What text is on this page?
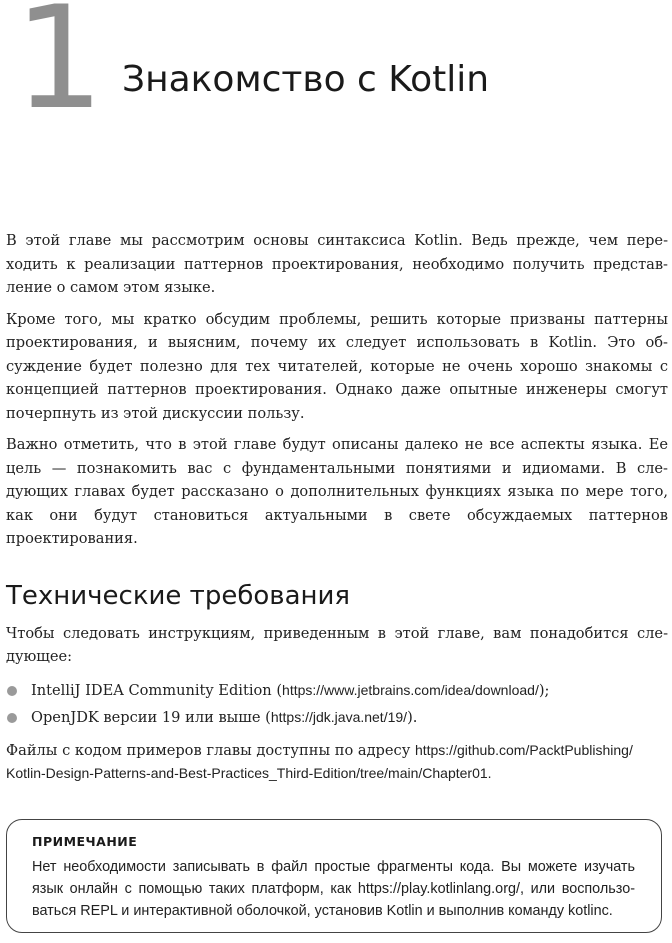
1 Знакомство с Kotlin

В этой главе мы рассмотрим основы синтаксиса Kotlin. Ведь прежде, чем пере-ходить к реализации паттернов проектирования, необходимо получить представ-ление о самом этом языке.

Кроме того, мы кратко обсудим проблемы, решить которые призваны паттерны проектирования, и выясним, почему их следует использовать в Kotlin. Это об-суждение будет полезно для тех читателей, которые не очень хорошо знакомы с концепцией паттернов проектирования. Однако даже опытные инженеры смогут почерпнуть из этой дискуссии пользу.

Важно отметить, что в этой главе будут описаны далеко не все аспекты языка. Ее цель — познакомить вас с фундаментальными понятиями и идиомами. В сле-дующих главах будет рассказано о дополнительных функциях языка по мере того, как они будут становиться актуальными в свете обсуждаемых паттернов проектирования.

Технические требования

Чтобы следовать инструкциям, приведенным в этой главе, вам понадобится сле-дующее:

IntelliJ IDEA Community Edition (https://www.jetbrains.com/idea/download/);
OpenJDK версии 19 или выше (https://jdk.java.net/19/).

Файлы с кодом примеров главы доступны по адресу https://github.com/PacktPublishing/
Kotlin-Design-Patterns-and-Best-Practices_Third-Edition/tree/main/Chapter01.

ПРИМЕЧАНИЕ

Нет необходимости записывать в файл простые фрагменты кода. Вы можете изучать язык онлайн с помощью таких платформ, как https://play.kotlinlang.org/, или воспользо-ваться REPL и интерактивной оболочкой, установив Kotlin и выполнив команду kotlinc.
